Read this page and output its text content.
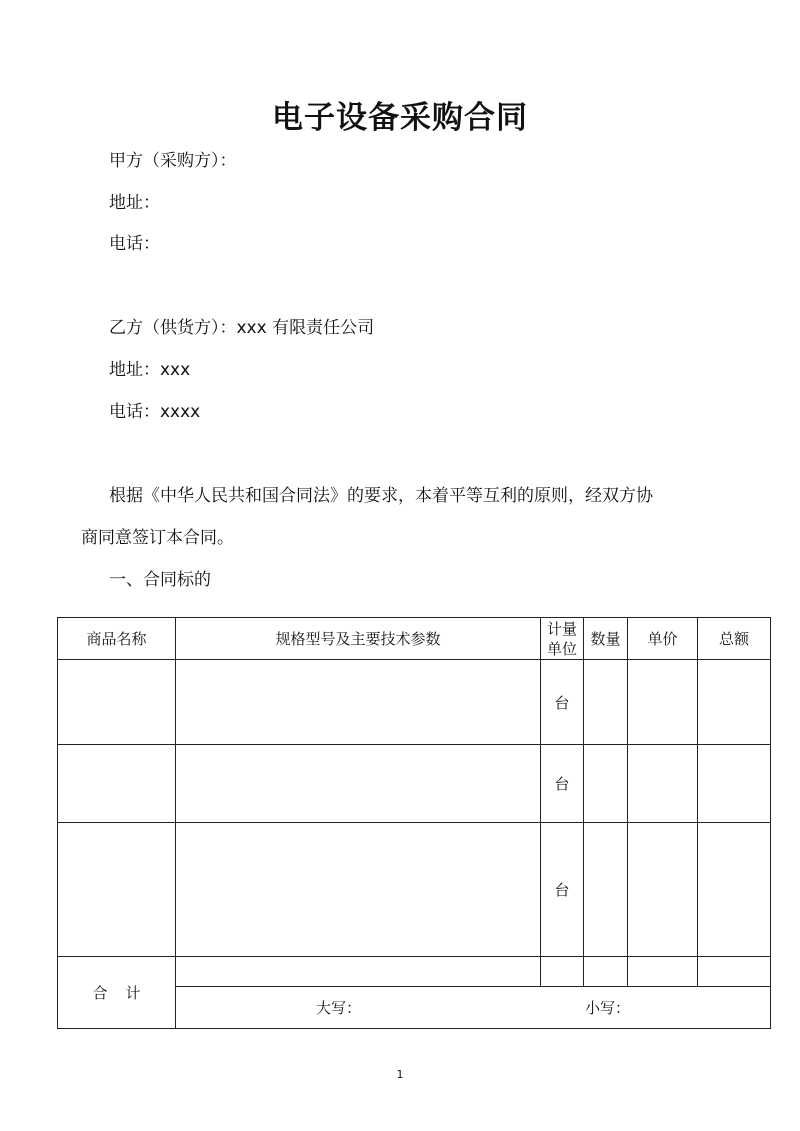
电子设备采购合同
甲方（采购方）：
地址：
电话：
乙方（供货方）：xxx 有限责任公司
地址：xxx
电话：xxxx
根据《中华人民共和国合同法》的要求，本着平等互利的原则，经双方协
商同意签订本合同。
一、合同标的
商品名称	规格型号及主要技术参数	计量单位	数量	单价	总额
		台			
		台			
		台			
合计					

	大写： 小写：				
1
